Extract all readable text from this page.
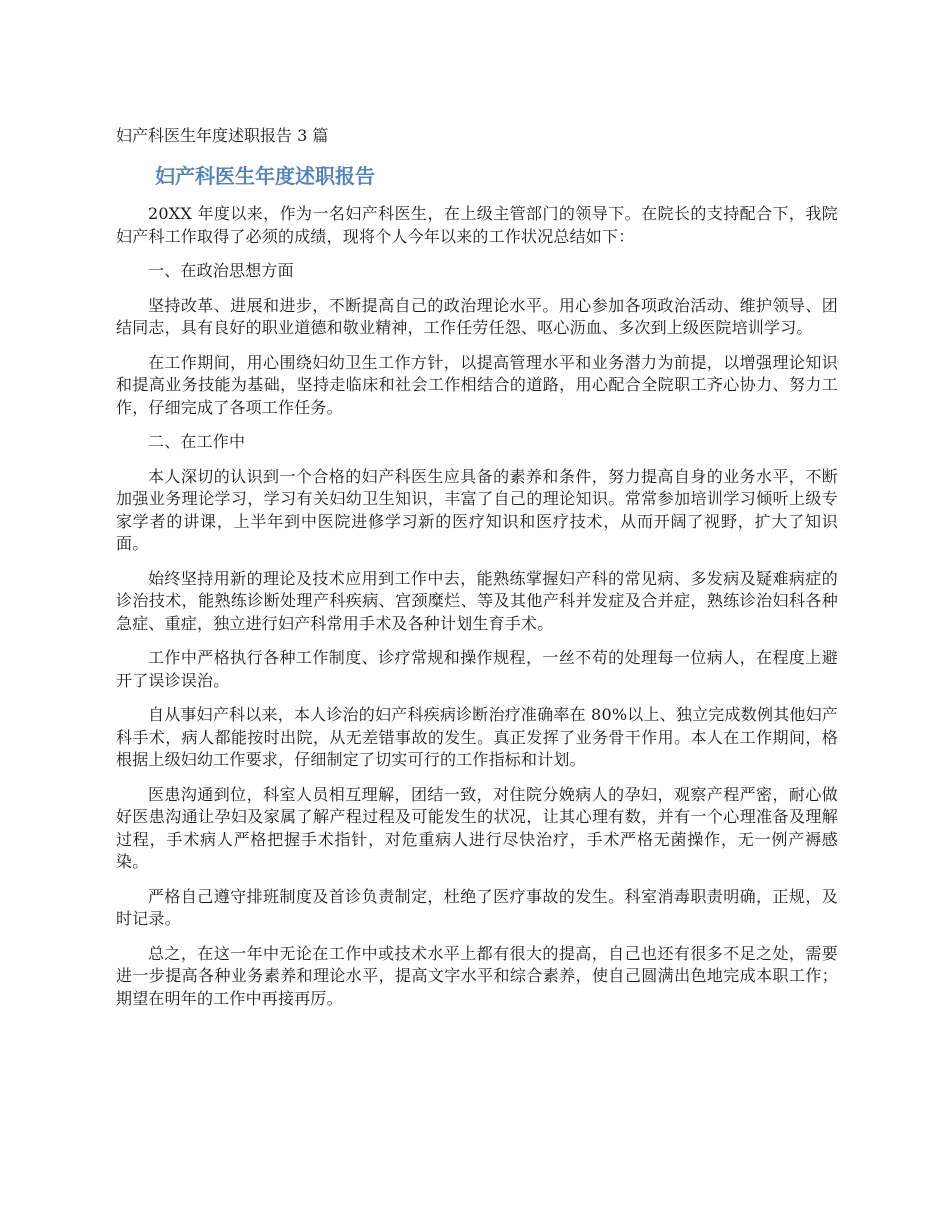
妇产科医生年度述职报告 3 篇
妇产科医生年度述职报告

20XX 年度以来，作为一名妇产科医生，在上级主管部门的领导下。在院长的支持配合下，我院妇产科工作取得了必须的成绩，现将个人今年以来的工作状况总结如下：

一、在政治思想方面

坚持改革、进展和进步，不断提高自己的政治理论水平。用心参加各项政治活动、维护领导、团结同志，具有良好的职业道德和敬业精神，工作任劳任怨、呕心沥血、多次到上级医院培训学习。

在工作期间，用心围绕妇幼卫生工作方针，以提高管理水平和业务潜力为前提，以增强理论知识和提高业务技能为基础，坚持走临床和社会工作相结合的道路，用心配合全院职工齐心协力、努力工作，仔细完成了各项工作任务。

二、在工作中

本人深切的认识到一个合格的妇产科医生应具备的素养和条件，努力提高自身的业务水平，不断加强业务理论学习，学习有关妇幼卫生知识，丰富了自己的理论知识。常常参加培训学习倾听上级专家学者的讲课，上半年到中医院进修学习新的医疗知识和医疗技术，从而开阔了视野，扩大了知识面。

始终坚持用新的理论及技术应用到工作中去，能熟练掌握妇产科的常见病、多发病及疑难病症的诊治技术，能熟练诊断处理产科疾病、宫颈糜烂、等及其他产科并发症及合并症，熟练诊治妇科各种急症、重症，独立进行妇产科常用手术及各种计划生育手术。

工作中严格执行各种工作制度、诊疗常规和操作规程，一丝不苟的处理每一位病人，在程度上避开了误诊误治。

自从事妇产科以来，本人诊治的妇产科疾病诊断治疗准确率在 80%以上、独立完成数例其他妇产科手术，病人都能按时出院，从无差错事故的发生。真正发挥了业务骨干作用。本人在工作期间，格根据上级妇幼工作要求，仔细制定了切实可行的工作指标和计划。

医患沟通到位，科室人员相互理解，团结一致，对住院分娩病人的孕妇，观察产程严密，耐心做好医患沟通让孕妇及家属了解产程过程及可能发生的状况，让其心理有数，并有一个心理准备及理解过程，手术病人严格把握手术指针，对危重病人进行尽快治疗，手术严格无菌操作，无一例产褥感染。

严格自己遵守排班制度及首诊负责制定，杜绝了医疗事故的发生。科室消毒职责明确，正规，及时记录。

总之，在这一年中无论在工作中或技术水平上都有很大的提高，自己也还有很多不足之处，需要进一步提高各种业务素养和理论水平，提高文字水平和综合素养，使自己圆满出色地完成本职工作；期望在明年的工作中再接再厉。
